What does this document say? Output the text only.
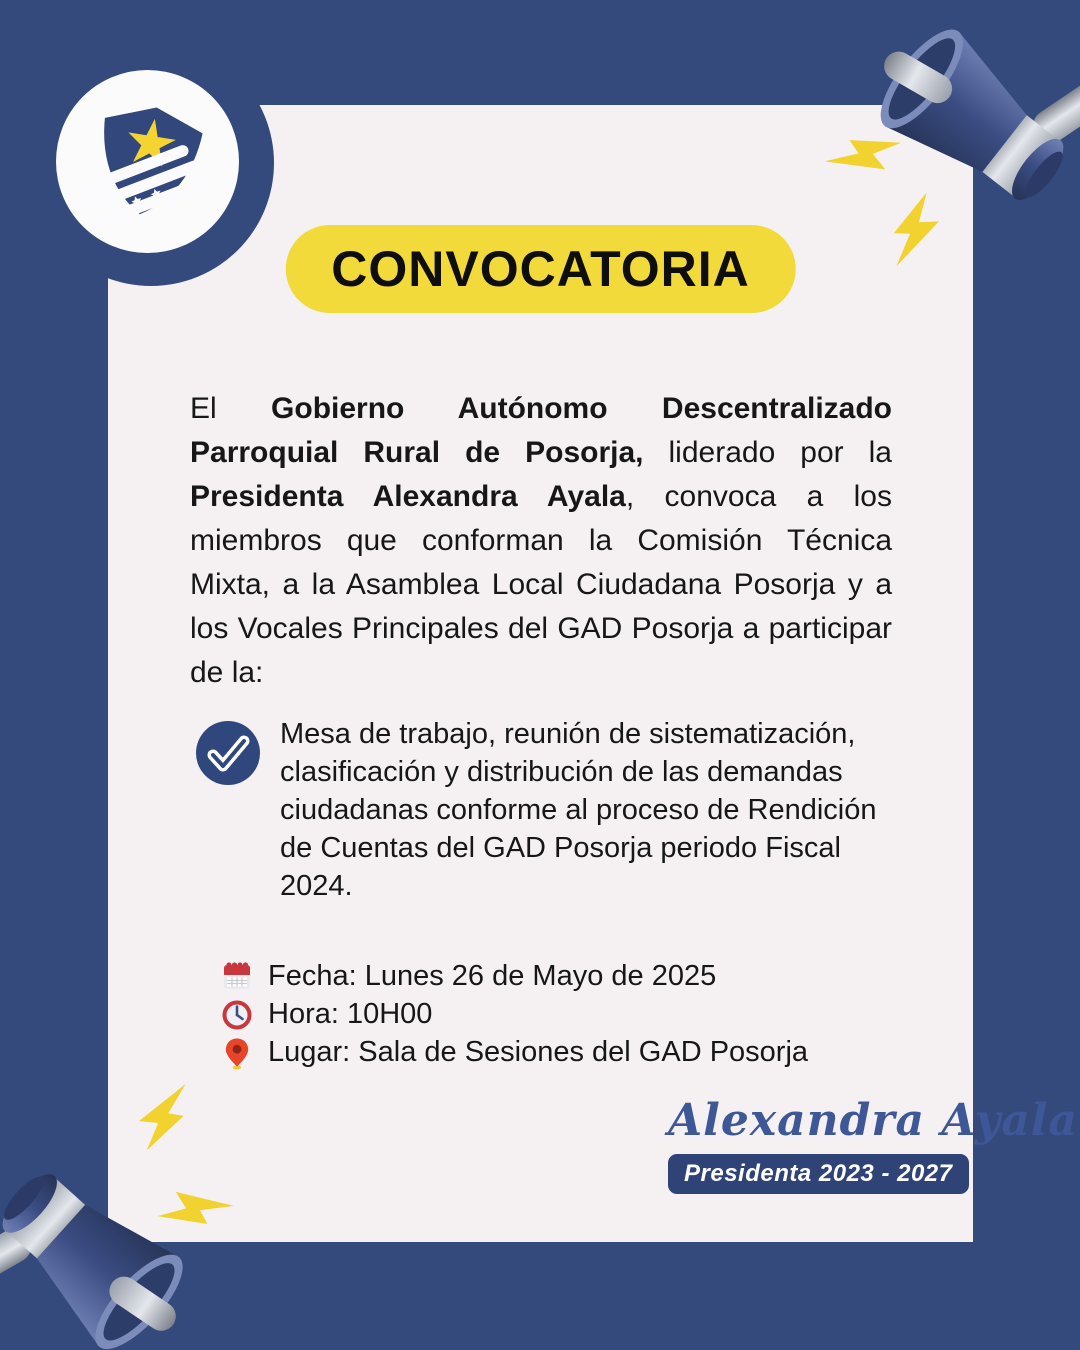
CONVOCATORIA

El Gobierno Autónomo Descentralizado Parroquial Rural de Posorja, liderado por la Presidenta Alexandra Ayala, convoca a los miembros que conforman la Comisión Técnica Mixta, a la Asamblea Local Ciudadana Posorja y a los Vocales Principales del GAD Posorja a participar de la:

Mesa de trabajo, reunión de sistematización, clasificación y distribución de las demandas ciudadanas conforme al proceso de Rendición de Cuentas del GAD Posorja periodo Fiscal 2024.
Fecha: Lunes 26 de Mayo de 2025
Hora: 10H00
Lugar: Sala de Sesiones del GAD Posorja
Alexandra Ayala
Presidenta 2023 - 2027
